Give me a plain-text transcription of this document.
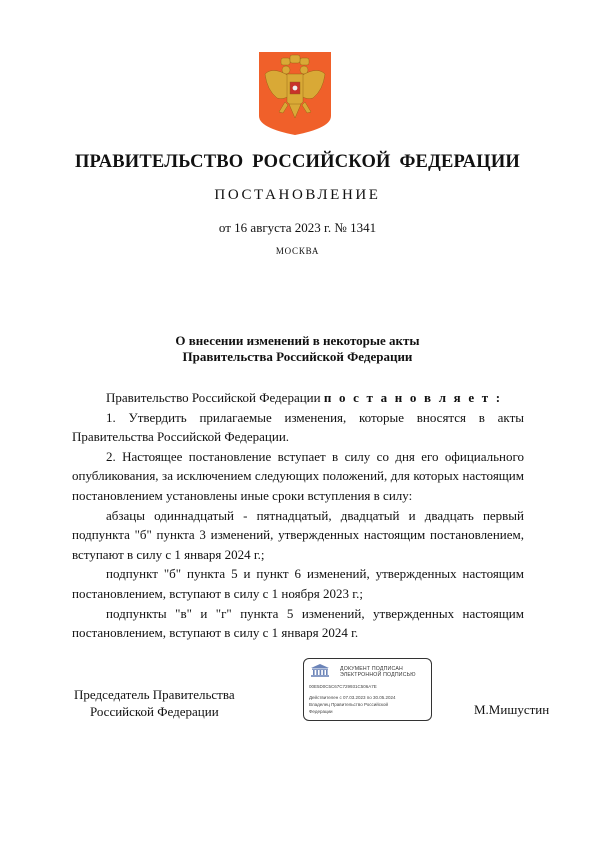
ПРАВИТЕЛЬСТВО РОССИЙСКОЙ ФЕДЕРАЦИИ
ПОСТАНОВЛЕНИЕ
от 16 августа 2023 г. № 1341
МОСКВА
О внесении изменений в некоторые акты
Правительства Российской Федерации

Правительство Российской Федерации п о с т а н о в л я е т :

1. Утвердить прилагаемые изменения, которые вносятся в акты Правительства Российской Федерации.

2. Настоящее постановление вступает в силу со дня его официального опубликования, за исключением следующих положений, для которых настоящим постановлением установлены иные сроки вступления в силу:

абзацы одиннадцатый - пятнадцатый, двадцатый и двадцать первый подпункта "б" пункта 3 изменений, утвержденных настоящим постановлением, вступают в силу с 1 января 2024 г.;

подпункт "б" пункта 5 и пункт 6 изменений, утвержденных настоящим постановлением, вступают в силу с 1 ноября 2023 г.;

подпункты "в" и "г" пункта 5 изменений, утвержденных настоящим постановлением, вступают в силу с 1 января 2024 г.

Председатель Правительства
Российской Федерации
ДОКУМЕНТ ПОДПИСАН
ЭЛЕКТРОННОЙ ПОДПИСЬЮ
00E5D0C5C67C729931C506A7E
Действителен с 07.03.2023 по 30.05.2024
Владелец Правительство Российской
Федерации	М.Мишустин
